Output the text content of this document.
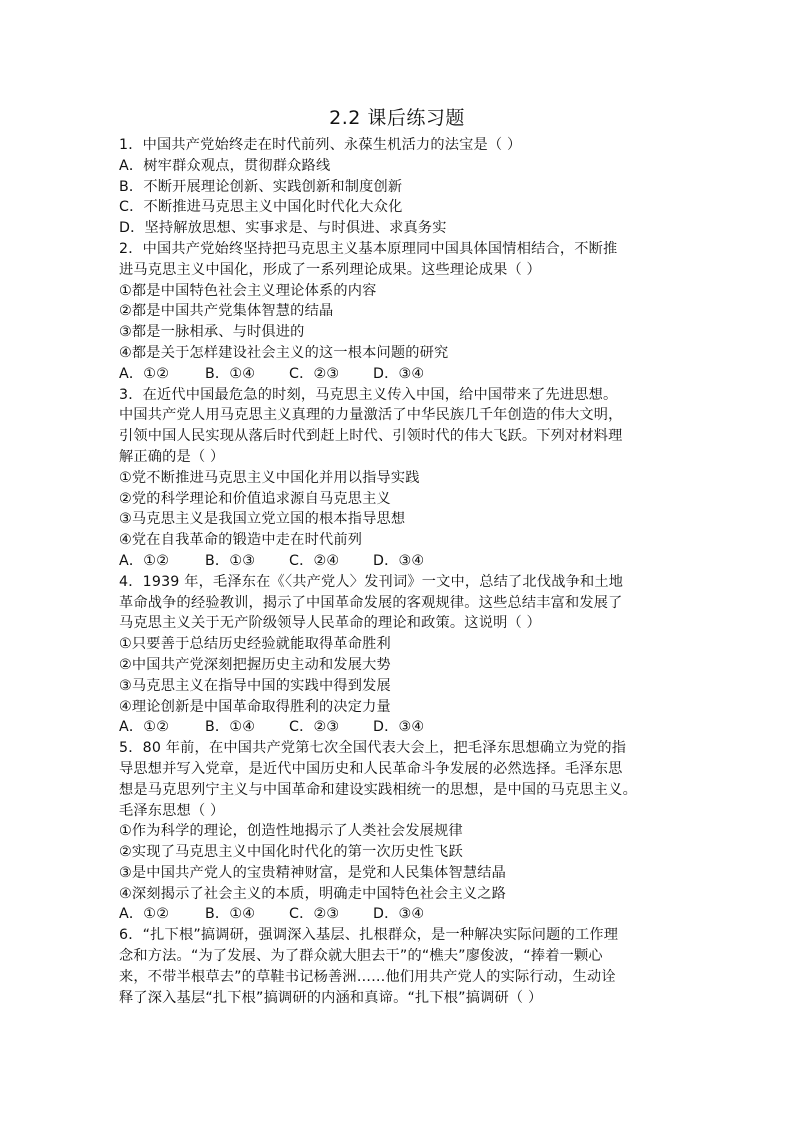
2.2 课后练习题
1．中国共产党始终走在时代前列、永葆生机活力的法宝是（ ）
A．树牢群众观点，贯彻群众路线
B．不断开展理论创新、实践创新和制度创新
C．不断推进马克思主义中国化时代化大众化
D．坚持解放思想、实事求是、与时俱进、求真务实
2．中国共产党始终坚持把马克思主义基本原理同中国具体国情相结合，不断推
进马克思主义中国化，形成了一系列理论成果。这些理论成果（ ）
①都是中国特色社会主义理论体系的内容
②都是中国共产党集体智慧的结晶
③都是一脉相承、与时俱进的
④都是关于怎样建设社会主义的这一根本问题的研究
A．①②	B．①④	C．②③	D．③④
3．在近代中国最危急的时刻，马克思主义传入中国，给中国带来了先进思想。
中国共产党人用马克思主义真理的力量激活了中华民族几千年创造的伟大文明，
引领中国人民实现从落后时代到赶上时代、引领时代的伟大飞跃。下列对材料理
解正确的是（ ）
①党不断推进马克思主义中国化并用以指导实践
②党的科学理论和价值追求源自马克思主义
③马克思主义是我国立党立国的根本指导思想
④党在自我革命的锻造中走在时代前列
A．①②	B．①③	C．②④	D．③④
4．1939 年，毛泽东在《〈共产党人〉发刊词》一文中，总结了北伐战争和土地
革命战争的经验教训，揭示了中国革命发展的客观规律。这些总结丰富和发展了
马克思主义关于无产阶级领导人民革命的理论和政策。这说明（ ）
①只要善于总结历史经验就能取得革命胜利
②中国共产党深刻把握历史主动和发展大势
③马克思主义在指导中国的实践中得到发展
④理论创新是中国革命取得胜利的决定力量
A．①②	B．①④	C．②③	D．③④
5．80 年前，在中国共产党第七次全国代表大会上，把毛泽东思想确立为党的指
导思想并写入党章，是近代中国历史和人民革命斗争发展的必然选择。毛泽东思
想是马克思列宁主义与中国革命和建设实践相统一的思想，是中国的马克思主义。
毛泽东思想（ ）
①作为科学的理论，创造性地揭示了人类社会发展规律
②实现了马克思主义中国化时代化的第一次历史性飞跃
③是中国共产党人的宝贵精神财富，是党和人民集体智慧结晶
④深刻揭示了社会主义的本质，明确走中国特色社会主义之路
A．①②	B．①④	C．②③	D．③④
6．“扎下根”搞调研，强调深入基层、扎根群众，是一种解决实际问题的工作理
念和方法。“为了发展、为了群众就大胆去干”的“樵夫”廖俊波，“捧着一颗心
来，不带半根草去”的草鞋书记杨善洲……他们用共产党人的实际行动，生动诠
释了深入基层“扎下根”搞调研的内涵和真谛。“扎下根”搞调研（ ）
